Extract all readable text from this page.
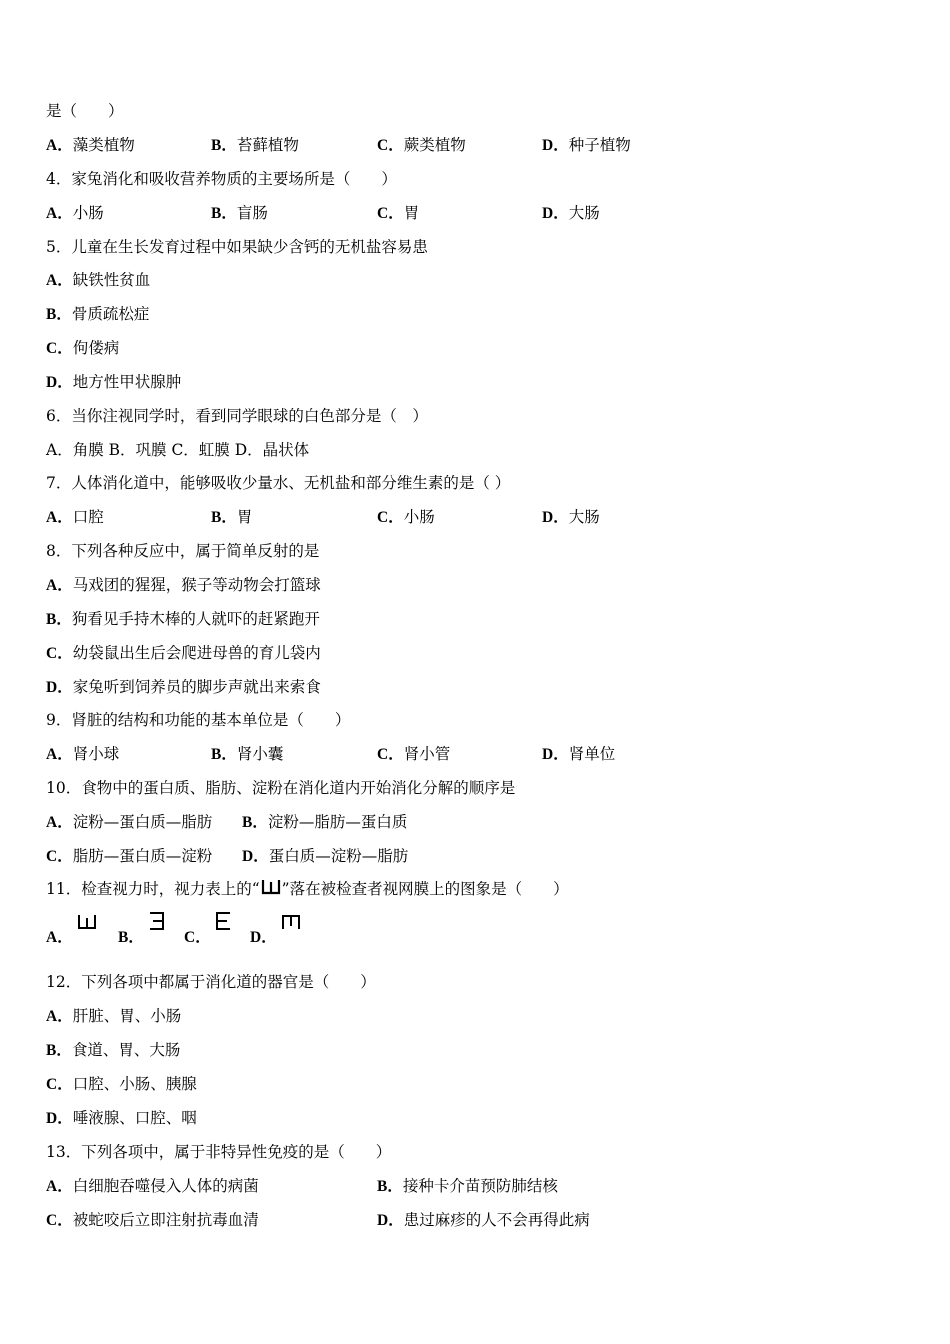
是（　　）
A．藻类植物	B．苔藓植物	C．蕨类植物	D．种子植物
4．家兔消化和吸收营养物质的主要场所是（　　）
A．小肠	B．盲肠	C．胃	D．大肠
5．儿童在生长发育过程中如果缺少含钙的无机盐容易患
A．缺铁性贫血
B．骨质疏松症
C．佝偻病
D．地方性甲状腺肿
6．当你注视同学时，看到同学眼球的白色部分是（　）
A．角膜 B．巩膜 C．虹膜 D．晶状体
7．人体消化道中，能够吸收少量水、无机盐和部分维生素的是（ ）
A．口腔	B．胃	C．小肠	D．大肠
8．下列各种反应中，属于简单反射的是
A．马戏团的猩猩，猴子等动物会打篮球
B．狗看见手持木棒的人就吓的赶紧跑开
C．幼袋鼠出生后会爬进母兽的育儿袋内
D．家兔听到饲养员的脚步声就出来索食
9．肾脏的结构和功能的基本单位是（　　）
A．肾小球	B．肾小囊	C．肾小管	D．肾单位
10．食物中的蛋白质、脂肪、淀粉在消化道内开始消化分解的顺序是
A．淀粉—蛋白质—脂肪 B．淀粉—脂肪—蛋白质
C．脂肪—蛋白质—淀粉 D．蛋白质—淀粉—脂肪
11．检查视力时，视力表上的“ ”落在被检查者视网膜上的图象是（　　）
A．	B．	C．	D．
12．下列各项中都属于消化道的器官是（　　）
A．肝脏、胃、小肠
B．食道、胃、大肠
C．口腔、小肠、胰腺
D．唾液腺、口腔、咽
13．下列各项中，属于非特异性免疫的是（　　）
A．白细胞吞噬侵入人体的病菌	B．接种卡介苗预防肺结核
C．被蛇咬后立即注射抗毒血清	D．患过麻疹的人不会再得此病
